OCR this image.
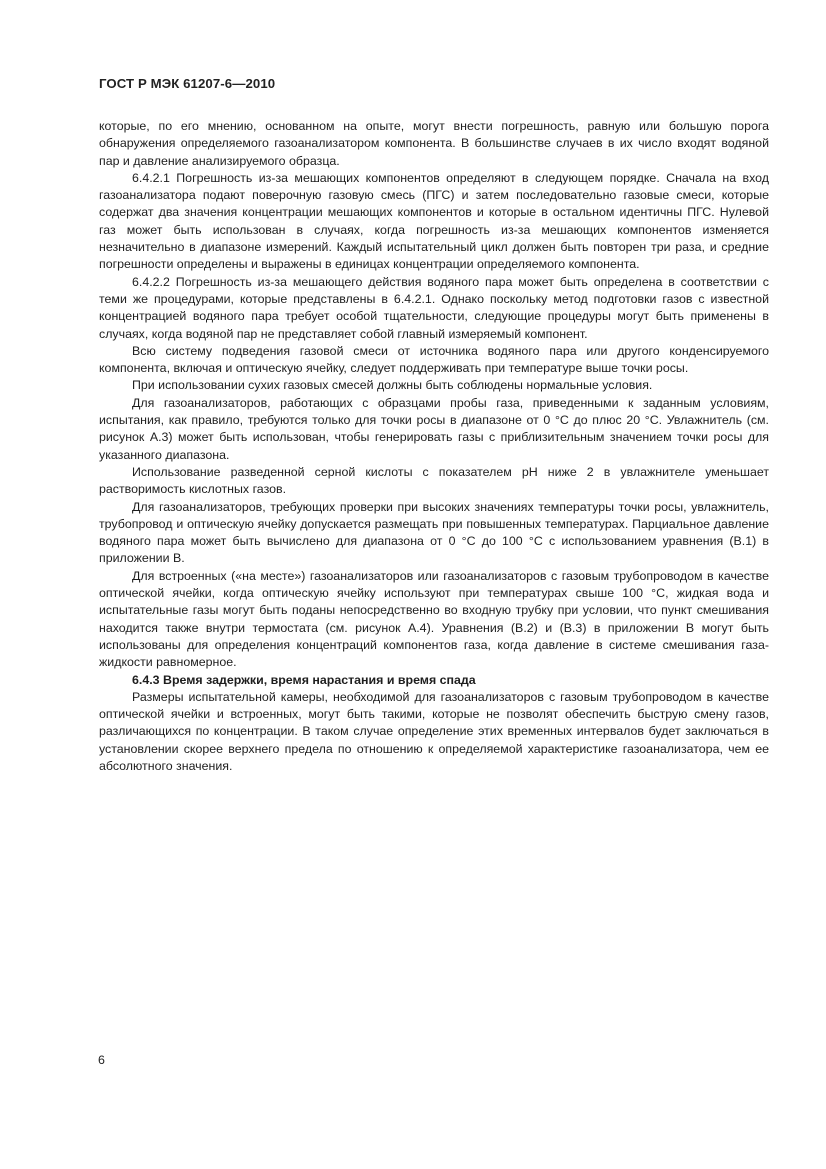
ГОСТ Р МЭК 61207-6—2010

которые, по его мнению, основанном на опыте, могут внести погрешность, равную или большую порога обнаружения определяемого газоанализатором компонента. В большинстве случаев в их число входят водяной пар и давление анализируемого образца.

6.4.2.1 Погрешность из-за мешающих компонентов определяют в следующем порядке. Сначала на вход газоанализатора подают поверочную газовую смесь (ПГС) и затем последовательно газовые смеси, которые содержат два значения концентрации мешающих компонентов и которые в остальном идентичны ПГС. Нулевой газ может быть использован в случаях, когда погрешность из-за мешающих компонентов изменяется незначительно в диапазоне измерений. Каждый испытательный цикл должен быть повторен три раза, и средние погрешности определены и выражены в единицах концентрации определяемого компонента.

6.4.2.2 Погрешность из-за мешающего действия водяного пара может быть определена в соответствии с теми же процедурами, которые представлены в 6.4.2.1. Однако поскольку метод подготовки газов с известной концентрацией водяного пара требует особой тщательности, следующие процедуры могут быть применены в случаях, когда водяной пар не представляет собой главный измеряемый компонент.

Всю систему подведения газовой смеси от источника водяного пара или другого конденсируемого компонента, включая и оптическую ячейку, следует поддерживать при температуре выше точки росы.

При использовании сухих газовых смесей должны быть соблюдены нормальные условия.

Для газоанализаторов, работающих с образцами пробы газа, приведенными к заданным условиям, испытания, как правило, требуются только для точки росы в диапазоне от 0 °С до плюс 20 °С. Увлажнитель (см. рисунок А.3) может быть использован, чтобы генерировать газы с приблизительным значением точки росы для указанного диапазона.

Использование разведенной серной кислоты с показателем рН ниже 2 в увлажнителе уменьшает растворимость кислотных газов.

Для газоанализаторов, требующих проверки при высоких значениях температуры точки росы, увлажнитель, трубопровод и оптическую ячейку допускается размещать при повышенных температурах. Парциальное давление водяного пара может быть вычислено для диапазона от 0 °С до 100 °С с использованием уравнения (В.1) в приложении В.

Для встроенных («на месте») газоанализаторов или газоанализаторов с газовым трубопроводом в качестве оптической ячейки, когда оптическую ячейку используют при температурах свыше 100 °С, жидкая вода и испытательные газы могут быть поданы непосредственно во входную трубку при условии, что пункт смешивания находится также внутри термостата (см. рисунок А.4). Уравнения (В.2) и (В.3) в приложении В могут быть использованы для определения концентраций компонентов газа, когда давление в системе смешивания газа-жидкости равномерное.

6.4.3 Время задержки, время нарастания и время спада

Размеры испытательной камеры, необходимой для газоанализаторов с газовым трубопроводом в качестве оптической ячейки и встроенных, могут быть такими, которые не позволят обеспечить быструю смену газов, различающихся по концентрации. В таком случае определение этих временных интервалов будет заключаться в установлении скорее верхнего предела по отношению к определяемой характеристике газоанализатора, чем ее абсолютного значения.

6
